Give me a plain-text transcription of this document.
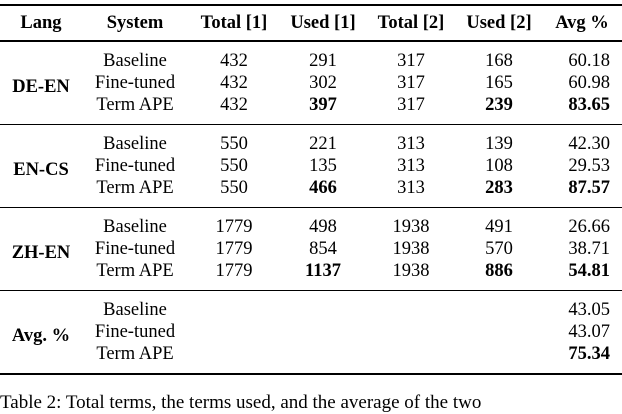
Lang	System	Total [1]	Used [1]	Total [2]	Used [2]	Avg %
DE-EN	Baseline	432	291	317	168	60.18
	Fine-tuned	432	302	317	165	60.98
	Term APE	432	397	317	239	83.65
EN-CS	Baseline	550	221	313	139	42.30
	Fine-tuned	550	135	313	108	29.53
	Term APE	550	466	313	283	87.57
ZH-EN	Baseline	1779	498	1938	491	26.66
	Fine-tuned	1779	854	1938	570	38.71
	Term APE	1779	1137	1938	886	54.81
Avg. %	Baseline					43.05
	Fine-tuned					43.07
	Term APE					75.34
Table 2: Total terms, the terms used, and the average of the two
